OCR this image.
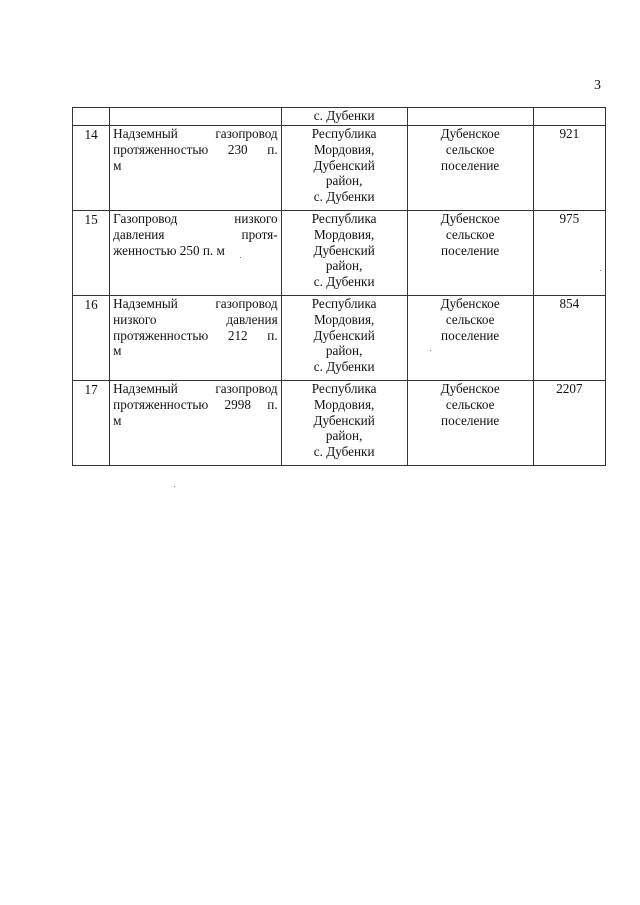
3

		с. Дубенки		

14	Надземный газопровод
протяженностью 230 п.
м	Республика
Мордовия,
Дубенский
район,
с. Дубенки	Дубенское
сельское
поселение	921

15	Газопровод низкого
давления протя-
женностью 250 п. м	Республика
Мордовия,
Дубенский
район,
с. Дубенки	Дубенское
сельское
поселение	975

16	Надземный газопровод
низкого давления
протяженностью 212 п.
м	Республика
Мордовия,
Дубенский
район,
с. Дубенки	Дубенское
сельское
поселение	854

17	Надземный газопровод
протяженностью 2998 п.
м	Республика
Мордовия,
Дубенский
район,
с. Дубенки	Дубенское
сельское
поселение	2207
